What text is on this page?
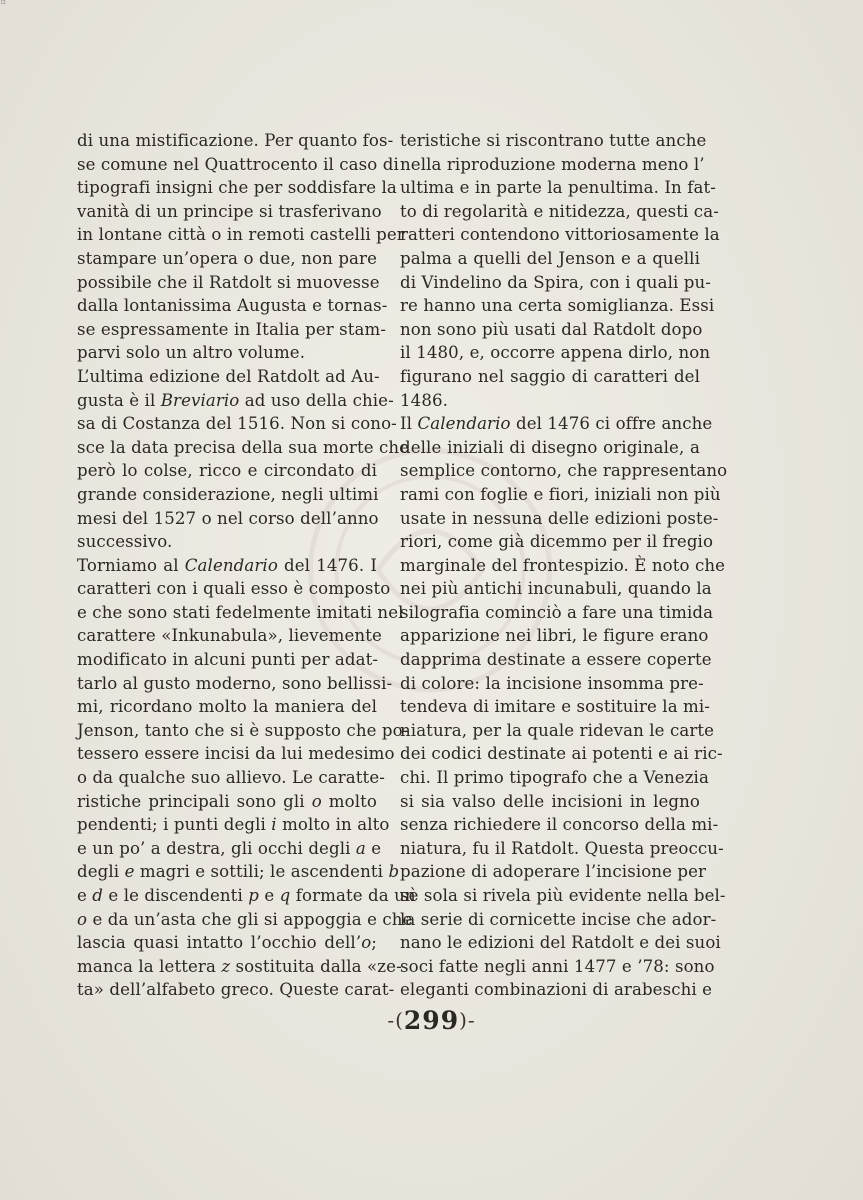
☐
di una mistificazione. Per quanto fos-
se comune nel Quattrocento il caso di
tipografi insigni che per soddisfare la
vanità di un principe si trasferivano
in lontane città o in remoti castelli per
stampare un’opera o due, non pare
possibile che il Ratdolt si muovesse
dalla lontanissima Augusta e tornas-
se espressamente in Italia per stam-
parvi solo un altro volume.
L’ultima edizione del Ratdolt ad Au-
gusta è il Breviario ad uso della chie-
sa di Costanza del 1516. Non si cono-
sce la data precisa della sua morte che
però lo colse, ricco e circondato di
grande considerazione, negli ultimi
mesi del 1527 o nel corso dell’anno
successivo.
Torniamo al Calendario del 1476. I
caratteri con i quali esso è composto
e che sono stati fedelmente imitati nel
carattere «Inkunabula», lievemente
modificato in alcuni punti per adat-
tarlo al gusto moderno, sono bellissi-
mi, ricordano molto la maniera del
Jenson, tanto che si è supposto che po-
tessero essere incisi da lui medesimo
o da qualche suo allievo. Le caratte-
ristiche principali sono gli o molto
pendenti; i punti degli i molto in alto
e un po’ a destra, gli occhi degli a e
degli e magri e sottili; le ascendenti b
e d e le discendenti p e q formate da un
o e da un’asta che gli si appoggia e che
lascia quasi intatto l’occhio dell’o;
manca la lettera z sostituita dalla «ze-
ta» dell’alfabeto greco. Queste carat-
teristiche si riscontrano tutte anche
nella riproduzione moderna meno l’
ultima e in parte la penultima. In fat-
to di regolarità e nitidezza, questi ca-
ratteri contendono vittoriosamente la
palma a quelli del Jenson e a quelli
di Vindelino da Spira, con i quali pu-
re hanno una certa somiglianza. Essi
non sono più usati dal Ratdolt dopo
il 1480, e, occorre appena dirlo, non
figurano nel saggio di caratteri del
1486.
Il Calendario del 1476 ci offre anche
delle iniziali di disegno originale, a
semplice contorno, che rappresentano
rami con foglie e fiori, iniziali non più
usate in nessuna delle edizioni poste-
riori, come già dicemmo per il fregio
marginale del frontespizio. È noto che
nei più antichi incunabuli, quando la
silografia cominciò a fare una timida
apparizione nei libri, le figure erano
dapprima destinate a essere coperte
di colore: la incisione insomma pre-
tendeva di imitare e sostituire la mi-
niatura, per la quale ridevan le carte
dei codici destinate ai potenti e ai ric-
chi. Il primo tipografo che a Venezia
si sia valso delle incisioni in legno
senza richiedere il concorso della mi-
niatura, fu il Ratdolt. Questa preoccu-
pazione di adoperare l’incisione per
sè sola si rivela più evidente nella bel-
la serie di cornicette incise che ador-
nano le edizioni del Ratdolt e dei suoi
soci fatte negli anni 1477 e ’78: sono
eleganti combinazioni di arabeschi e
-(299)-
